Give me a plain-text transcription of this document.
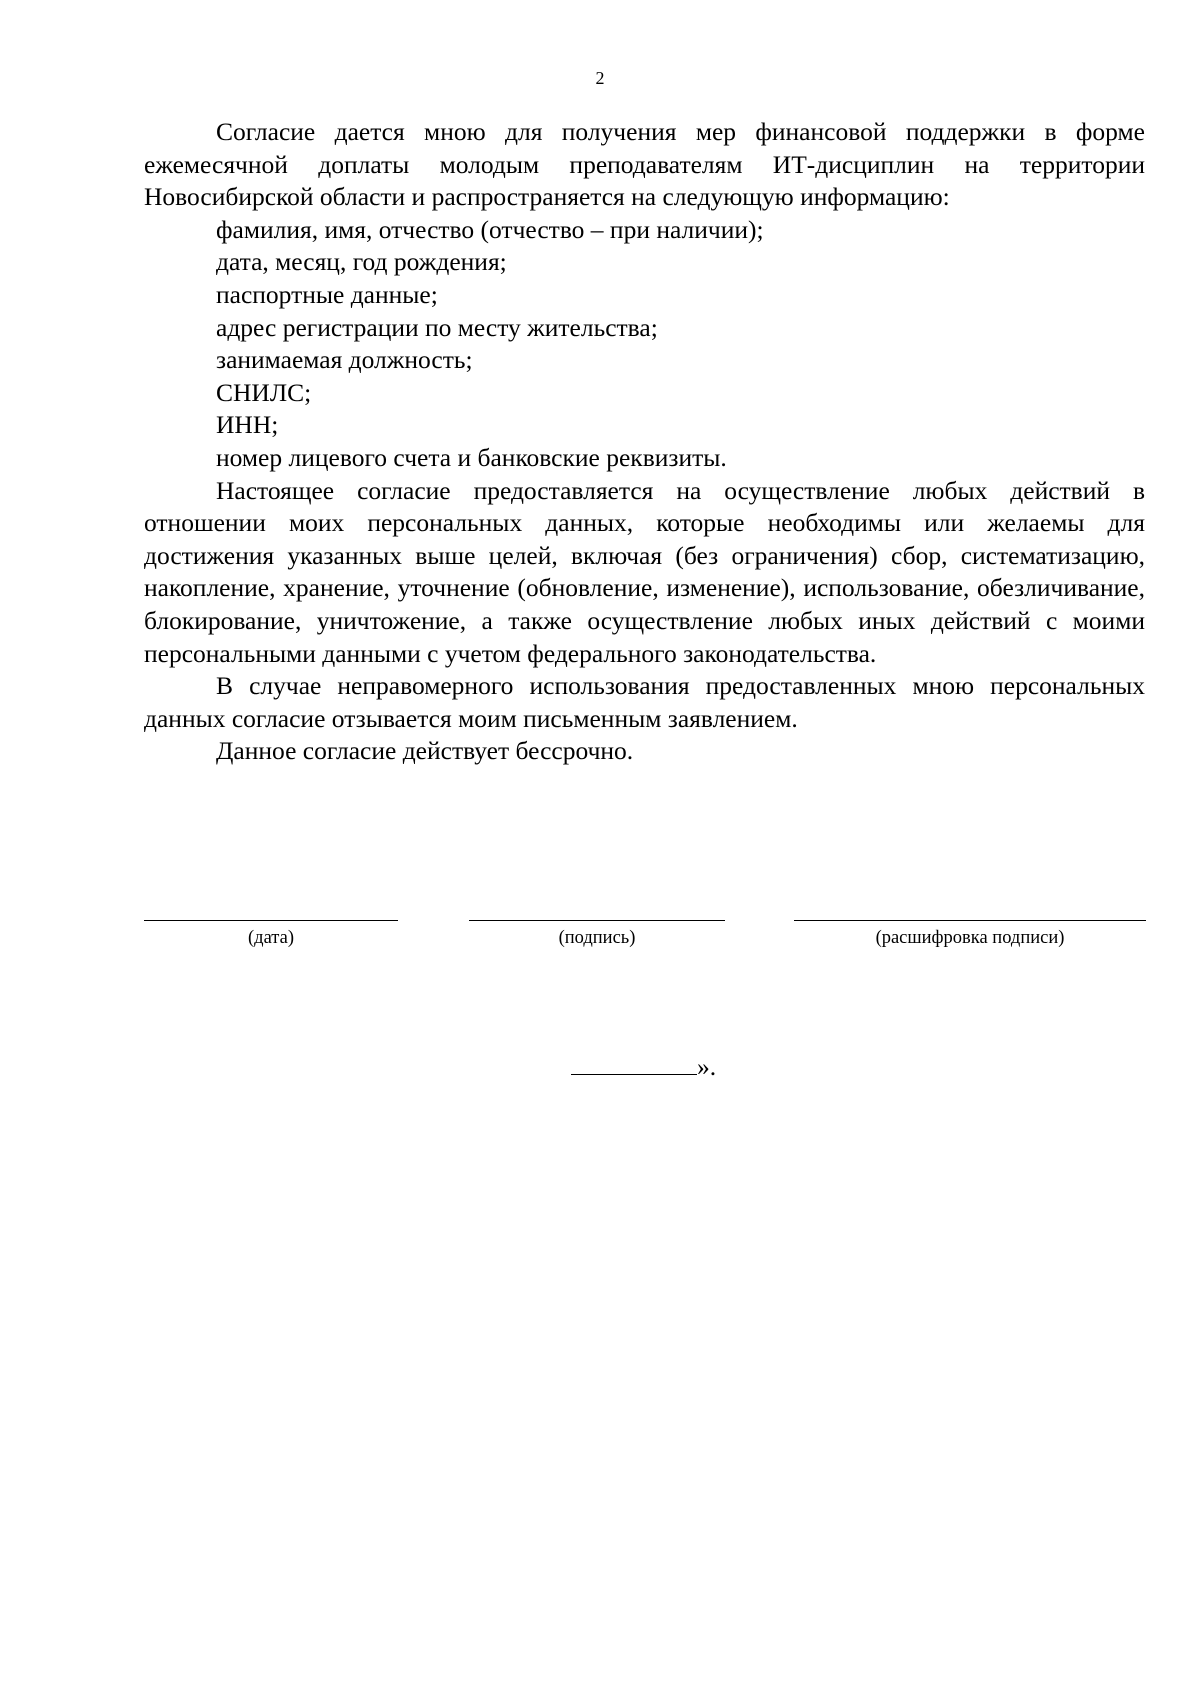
2

Согласие дается мною для получения мер финансовой поддержки в форме ежемесячной доплаты молодым преподавателям ИТ-дисциплин на территории Новосибирской области и распространяется на следующую информацию:

фамилия, имя, отчество (отчество – при наличии);

дата, месяц, год рождения;

паспортные данные;

адрес регистрации по месту жительства;

занимаемая должность;

СНИЛС;

ИНН;

номер лицевого счета и банковские реквизиты.

Настоящее согласие предоставляется на осуществление любых действий в отношении моих персональных данных, которые необходимы или желаемы для достижения указанных выше целей, включая (без ограничения) сбор, систематизацию, накопление, хранение, уточнение (обновление, изменение), использование, обезличивание, блокирование, уничтожение, а также осуществление любых иных действий с моими персональными данными с учетом федерального законодательства.

В случае неправомерного использования предоставленных мною персональных данных согласие отзывается моим письменным заявлением.

Данное согласие действует бессрочно.

(дата)	(подпись)	(расшифровка подписи)
».
